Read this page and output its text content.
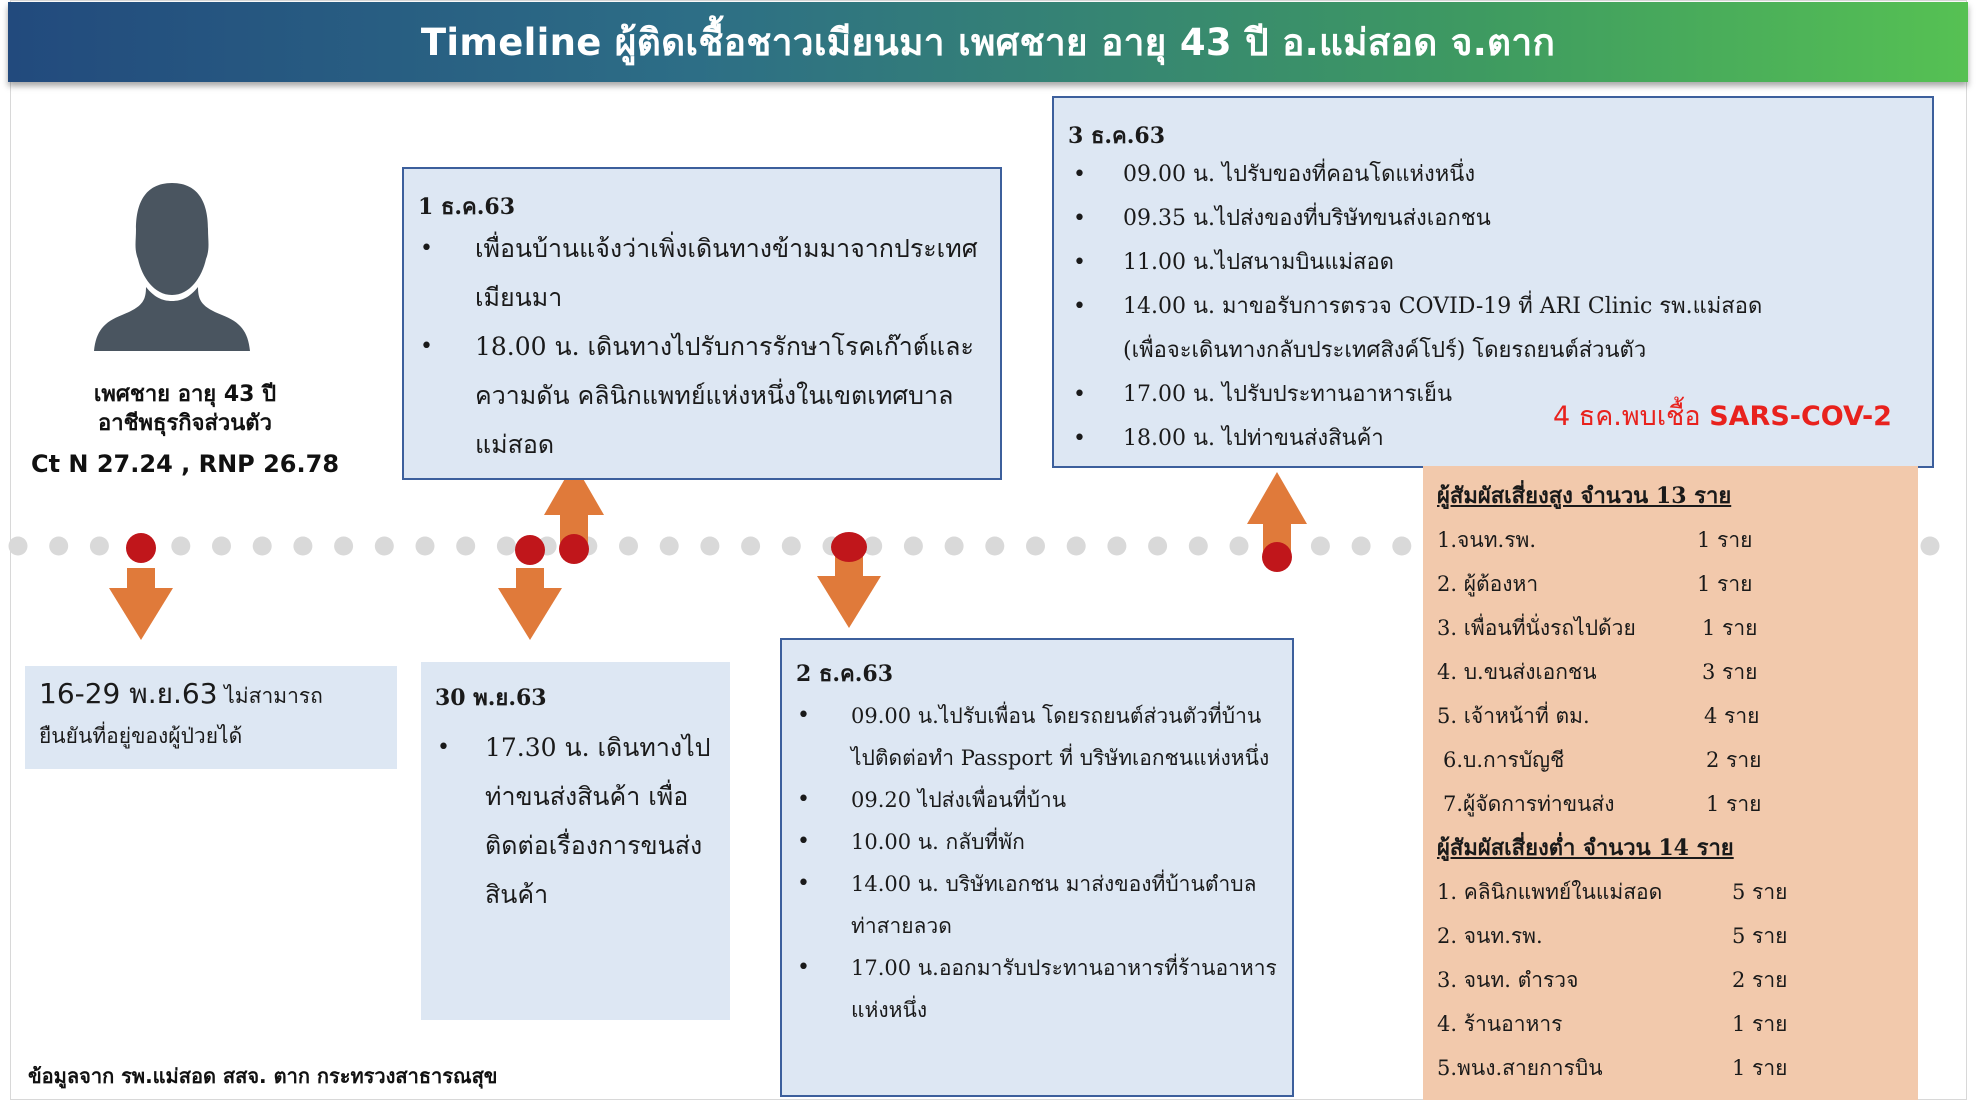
Timeline ผู้ติดเชื้อชาวเมียนมา เพศชาย อายุ 43 ปี อ.แม่สอด จ.ตาก
เพศชาย อายุ 43 ปี
อาชีพธุรกิจส่วนตัว
Ct N 27.24 , RNP 26.78
1 ธ.ค.63
• เพื่อนบ้านแจ้งว่าเพิ่งเดินทางข้ามมาจากประเทศเมียนมา
• 18.00 น. เดินทางไปรับการรักษาโรคเก๊าต์และความดัน คลินิกแพทย์แห่งหนึ่งในเขตเทศบาลแม่สอด
3 ธ.ค.63
• 09.00 น. ไปรับของที่คอนโดแห่งหนึ่ง
• 09.35 น.ไปส่งของที่บริษัทขนส่งเอกชน
• 11.00 น.ไปสนามบินแม่สอด
• 14.00 น. มาขอรับการตรวจ COVID-19 ที่ ARI Clinic รพ.แม่สอด (เพื่อจะเดินทางกลับประเทศสิงค์โปร์) โดยรถยนต์ส่วนตัว
• 17.00 น. ไปรับประทานอาหารเย็น
• 18.00 น. ไปท่าขนส่งสินค้า
4 ธค.พบเชื้อ SARS-COV-2
16-29 พ.ย.63 ไม่สามารถ
ยืนยันที่อยู่ของผู้ป่วยได้
30 พ.ย.63
• 17.30 น. เดินทางไปท่าขนส่งสินค้า เพื่อติดต่อเรื่องการขนส่งสินค้า
2 ธ.ค.63
• 09.00 น.ไปรับเพื่อน โดยรถยนต์ส่วนตัวที่บ้านไปติดต่อทำ Passport ที่ บริษัทเอกชนแห่งหนึ่ง
• 09.20 ไปส่งเพื่อนที่บ้าน
• 10.00 น. กลับที่พัก
• 14.00 น. บริษัทเอกชน มาส่งของที่บ้านตำบลท่าสายลวด
• 17.00 น.ออกมารับประทานอาหารที่ร้านอาหารแห่งหนึ่ง
ผู้สัมผัสเสี่ยงสูง จำนวน 13 ราย
1.จนท.รพ.	1 ราย
2. ผู้ต้องหา	1 ราย
3. เพื่อนที่นั่งรถไปด้วย	1 ราย
4. บ.ขนส่งเอกชน	3 ราย
5. เจ้าหน้าที่ ตม.	4 ราย
6.บ.การบัญชี	2 ราย
7.ผู้จัดการท่าขนส่ง	1 ราย
ผู้สัมผัสเสี่ยงต่ำ จำนวน 14 ราย
1. คลินิกแพทย์ในแม่สอด	5 ราย
2. จนท.รพ.	5 ราย
3. จนท. ตำรวจ	2 ราย
4. ร้านอาหาร	1 ราย
5.พนง.สายการบิน	1 ราย
ข้อมูลจาก รพ.แม่สอด สสจ. ตาก กระทรวงสาธารณสุข
